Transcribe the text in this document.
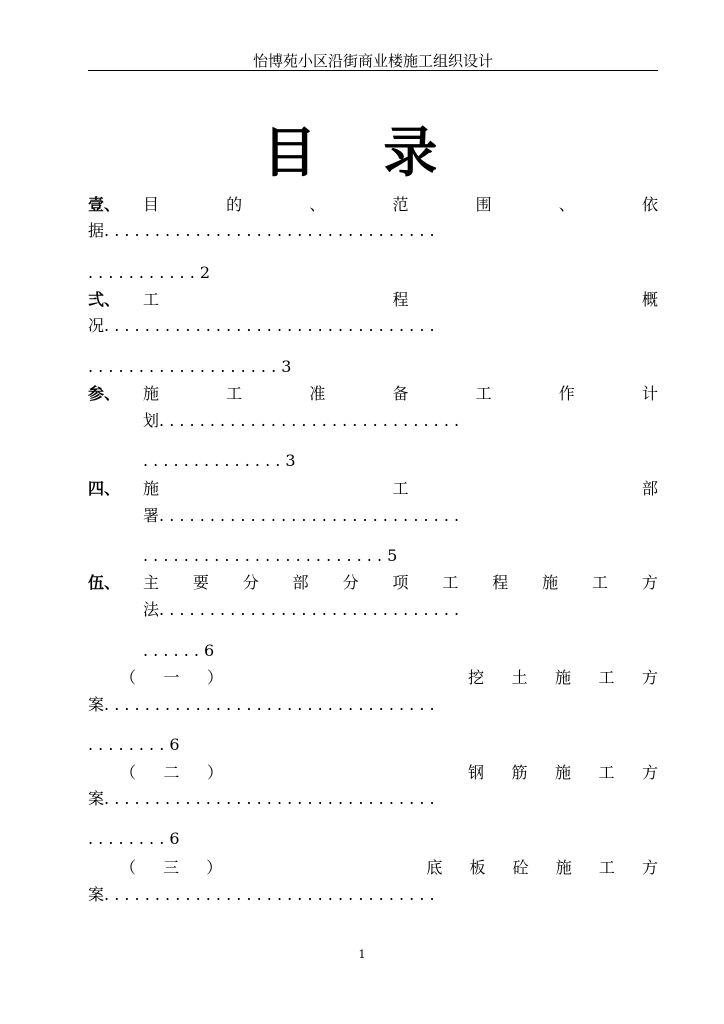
怡博苑小区沿街商业楼施工组织设计
目 录
壹、 目	的	、	范	围	、	依
据. . . . . . . . . . . . . . . . . . . . . . . . . . . . . . . . .
. . . . . . . . . . . 2
弍、 工	程	概
况. . . . . . . . . . . . . . . . . . . . . . . . . . . . . . . . .
. . . . . . . . . . . . . . . . . . . 3
参、 施	工	准	备	工	作	计
划. . . . . . . . . . . . . . . . . . . . . . . . . . . . . .
. . . . . . . . . . . . . . 3
四、 施	工	部
署. . . . . . . . . . . . . . . . . . . . . . . . . . . . . .
. . . . . . . . . . . . . . . . . . . . . . . . 5
伍、 主 要 分 部 分 项 工 程 施 工 方
法. . . . . . . . . . . . . . . . . . . . . . . . . . . . . .
. . . . . . 6
（ 一 ）	挖 土 施 工 方
案. . . . . . . . . . . . . . . . . . . . . . . . . . . . . . . . .
. . . . . . . . 6
（ 二 ）	钢 筋 施 工 方
案. . . . . . . . . . . . . . . . . . . . . . . . . . . . . . . . .
. . . . . . . . 6
（ 三 ）	底 板 砼 施 工 方
案. . . . . . . . . . . . . . . . . . . . . . . . . . . . . . . . .
1
